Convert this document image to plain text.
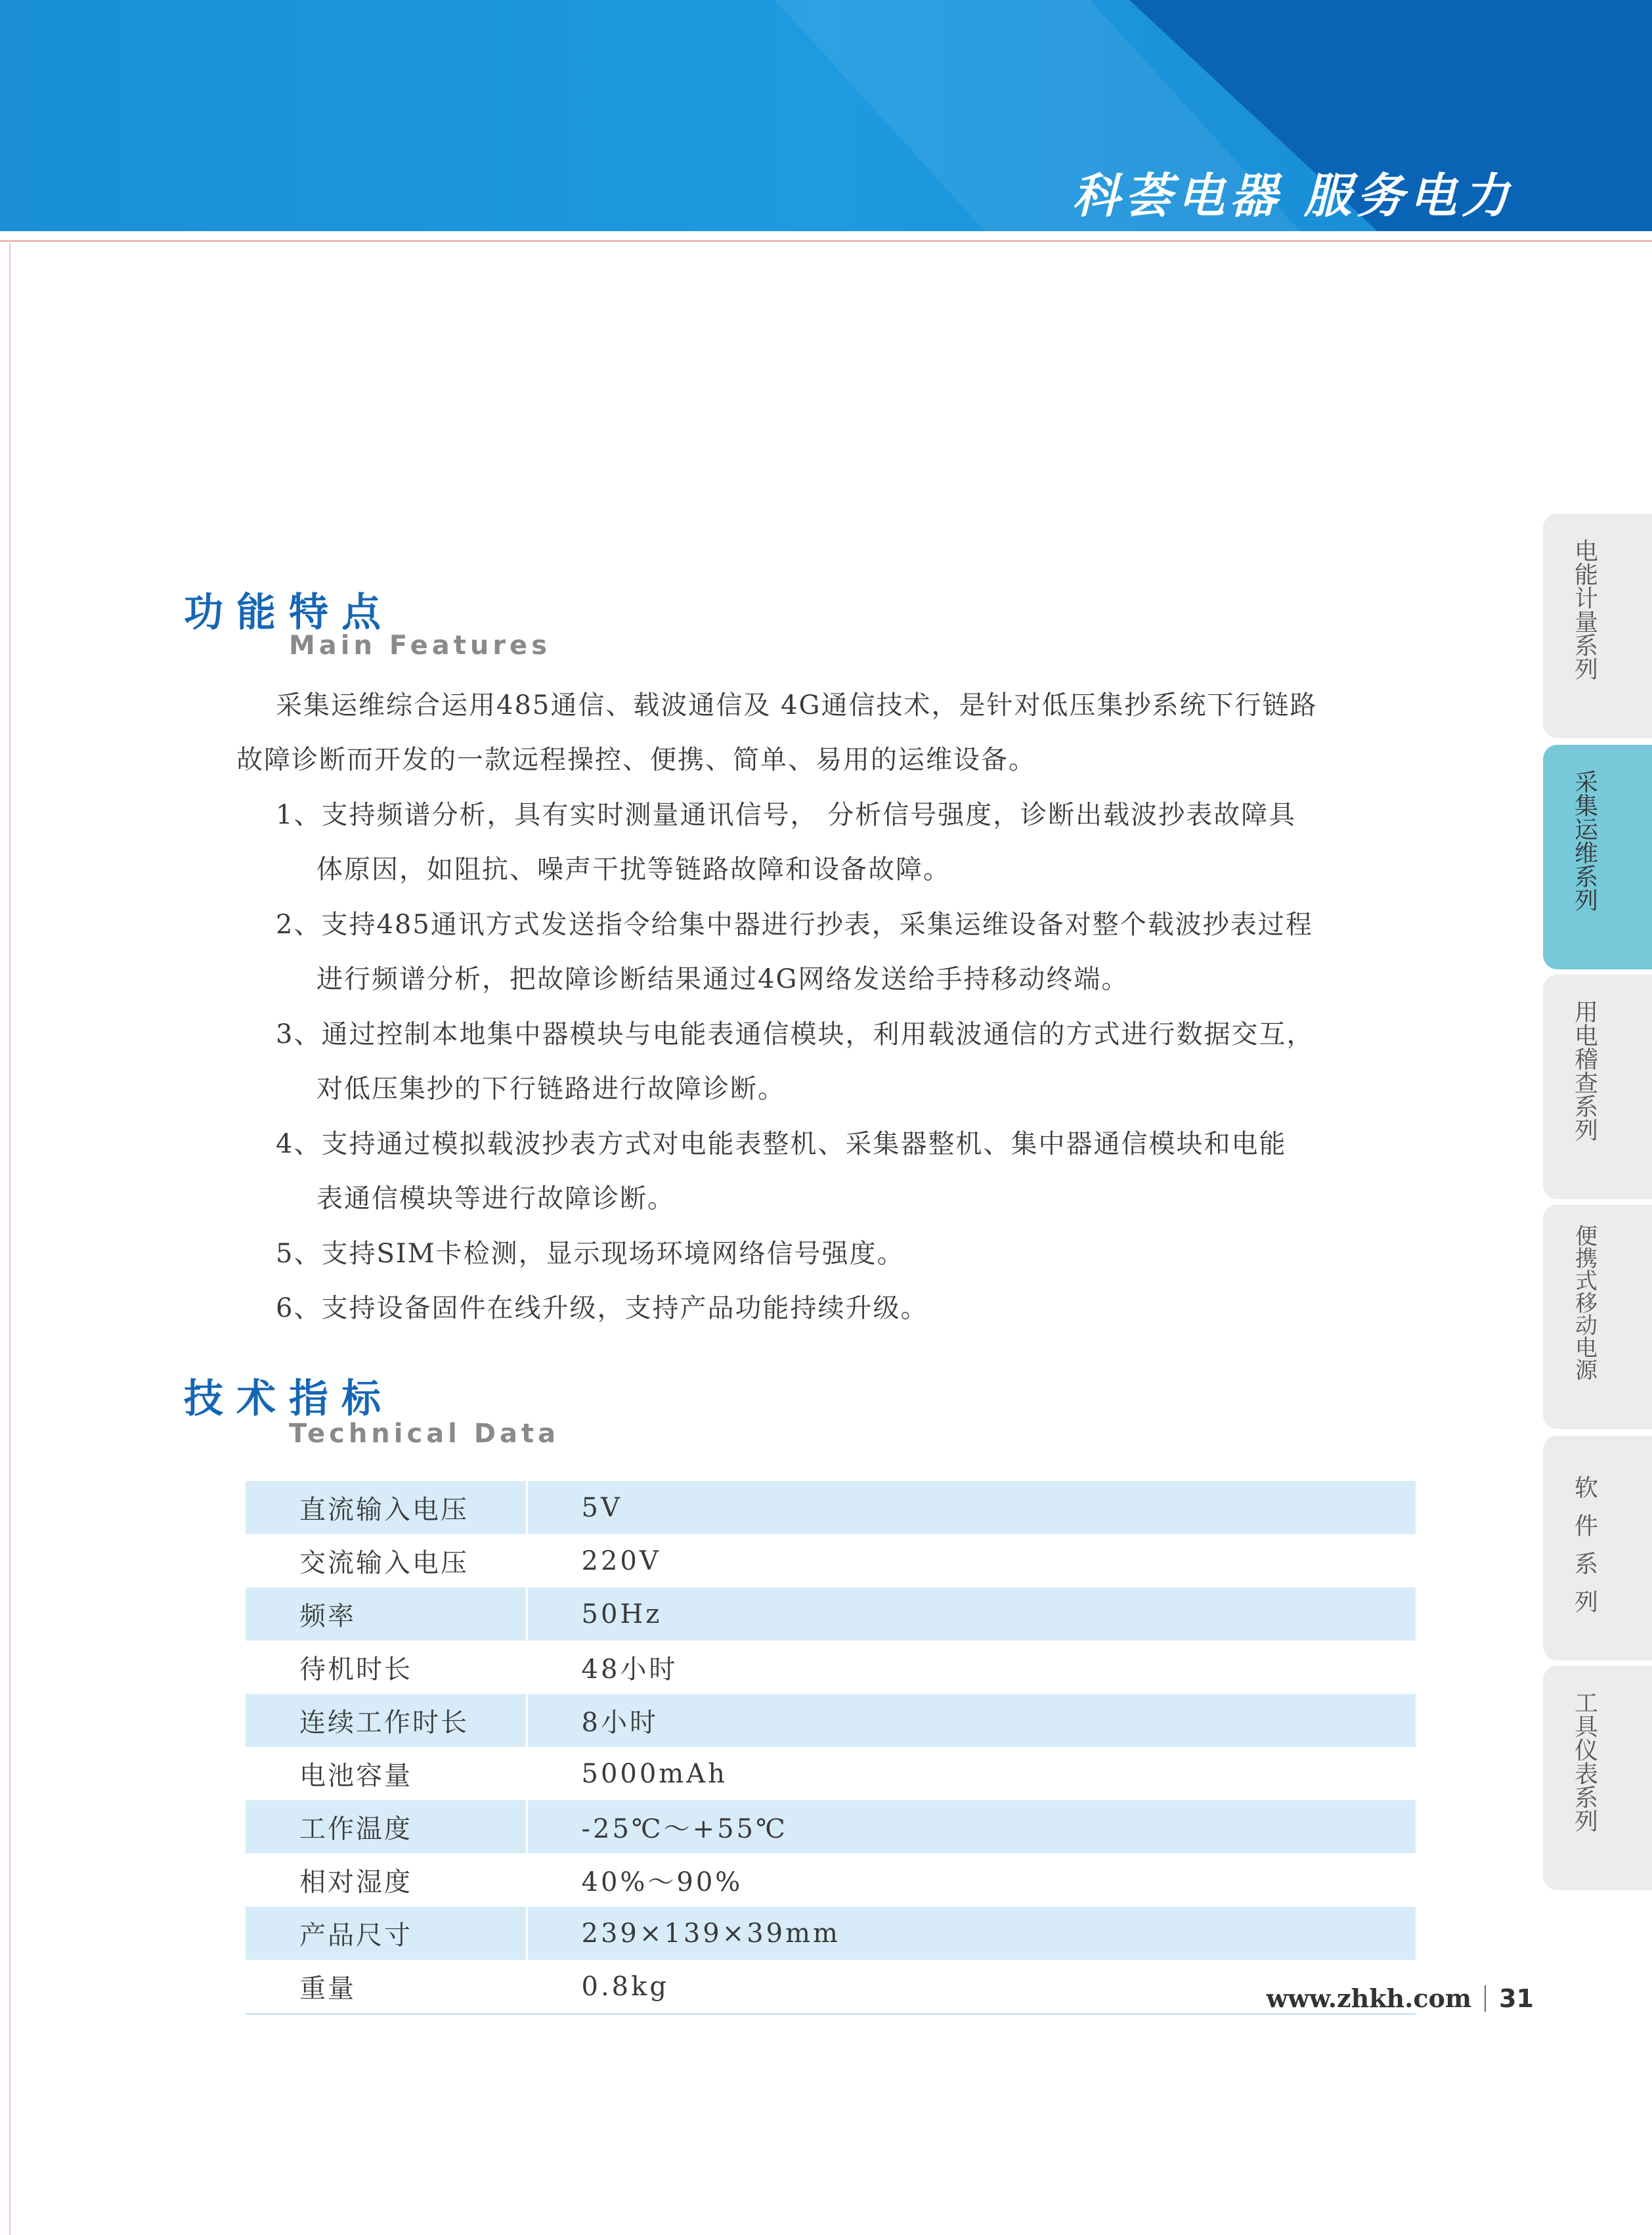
科荟电器 服务电力
功能特点
Main Features
采集运维综合运用485通信、载波通信及 4G通信技术，是针对低压集抄系统下行链路
故障诊断而开发的一款远程操控、便携、简单、易用的运维设备。
1、支持频谱分析，具有实时测量通讯信号， 分析信号强度，诊断出载波抄表故障具
体原因，如阻抗、噪声干扰等链路故障和设备故障。
2、支持485通讯方式发送指令给集中器进行抄表，采集运维设备对整个载波抄表过程
进行频谱分析，把故障诊断结果通过4G网络发送给手持移动终端。
3、通过控制本地集中器模块与电能表通信模块，利用载波通信的方式进行数据交互，
对低压集抄的下行链路进行故障诊断。
4、支持通过模拟载波抄表方式对电能表整机、采集器整机、集中器通信模块和电能
表通信模块等进行故障诊断。
5、支持SIM卡检测，显示现场环境网络信号强度。
6、支持设备固件在线升级，支持产品功能持续升级。
技术指标
Technical Data
直流输入电压	5V
交流输入电压	220V
频率	50Hz
待机时长	48小时
连续工作时长	8小时
电池容量	5000mAh
工作温度	-25℃～+55℃
相对湿度	40%～90%
产品尺寸	239×139×39mm
重量	0.8kg
电能计量系列
采集运维系列
用电稽查系列
便携式移动电源
软件系列
工具仪表系列
www.zhkh.com 31
